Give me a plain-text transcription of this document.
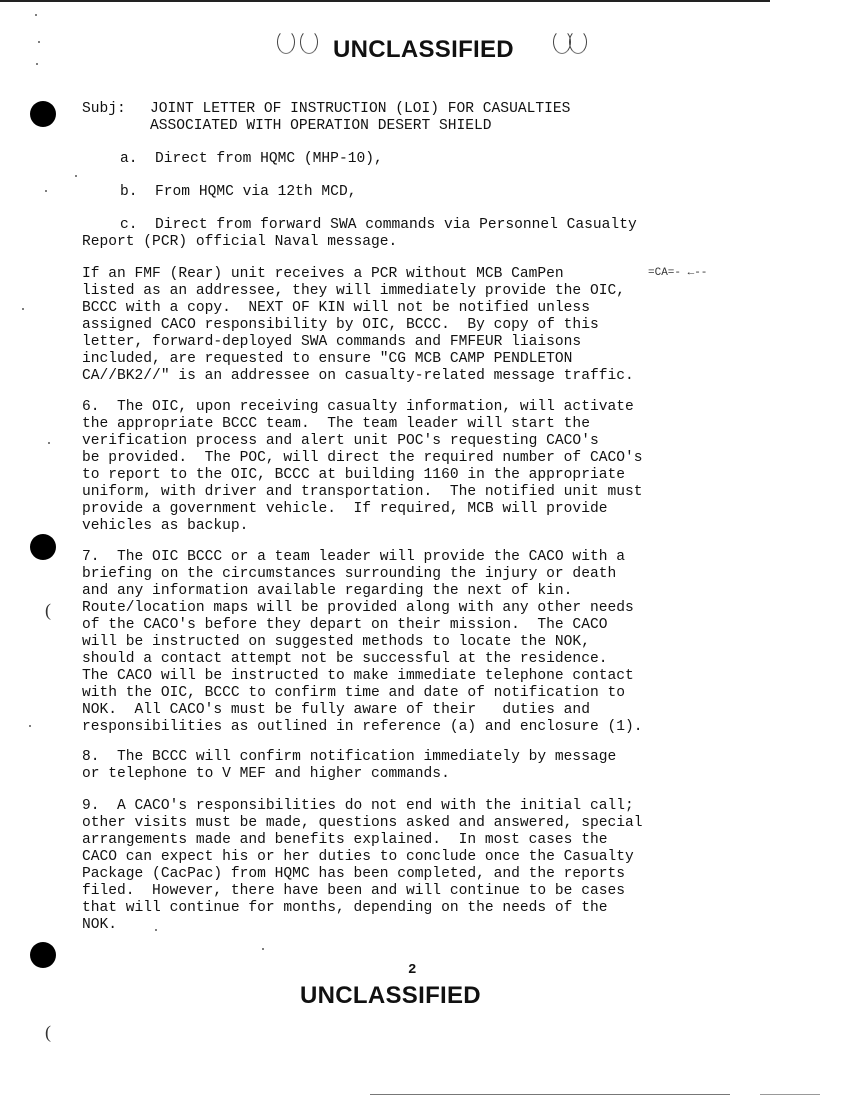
(
(
UNCLASSIFIED
Subj: JOINT LETTER OF INSTRUCTION (LOI) FOR CASUALTIES
ASSOCIATED WITH OPERATION DESERT SHIELD
a.  Direct from HQMC (MHP-10),
b.  From HQMC via 12th MCD,
c.  Direct from forward SWA commands via Personnel Casualty
Report (PCR) official Naval message.
If an FMF (Rear) unit receives a PCR without MCB CamPen	=CA=- ←--
listed as an addressee, they will immediately provide the OIC,
BCCC with a copy.  NEXT OF KIN will not be notified unless
assigned CACO responsibility by OIC, BCCC.  By copy of this
letter, forward-deployed SWA commands and FMFEUR liaisons
included, are requested to ensure "CG MCB CAMP PENDLETON
CA//BK2//" is an addressee on casualty-related message traffic.
6.  The OIC, upon receiving casualty information, will activate
the appropriate BCCC team.  The team leader will start the
verification process and alert unit POC's requesting CACO's
be provided.  The POC, will direct the required number of CACO's
to report to the OIC, BCCC at building 1160 in the appropriate
uniform, with driver and transportation.  The notified unit must
provide a government vehicle.  If required, MCB will provide
vehicles as backup.
7.  The OIC BCCC or a team leader will provide the CACO with a
briefing on the circumstances surrounding the injury or death
and any information available regarding the next of kin.
Route/location maps will be provided along with any other needs
of the CACO's before they depart on their mission.  The CACO
will be instructed on suggested methods to locate the NOK,
should a contact attempt not be successful at the residence.
The CACO will be instructed to make immediate telephone contact
with the OIC, BCCC to confirm time and date of notification to
NOK.  All CACO's must be fully aware of their   duties and
responsibilities as outlined in reference (a) and enclosure (1).
8.  The BCCC will confirm notification immediately by message
or telephone to V MEF and higher commands.
9.  A CACO's responsibilities do not end with the initial call;
other visits must be made, questions asked and answered, special
arrangements made and benefits explained.  In most cases the
CACO can expect his or her duties to conclude once the Casualty
Package (CacPac) from HQMC has been completed, and the reports
filed.  However, there have been and will continue to be cases
that will continue for months, depending on the needs of the
NOK.
2
UNCLASSIFIED
